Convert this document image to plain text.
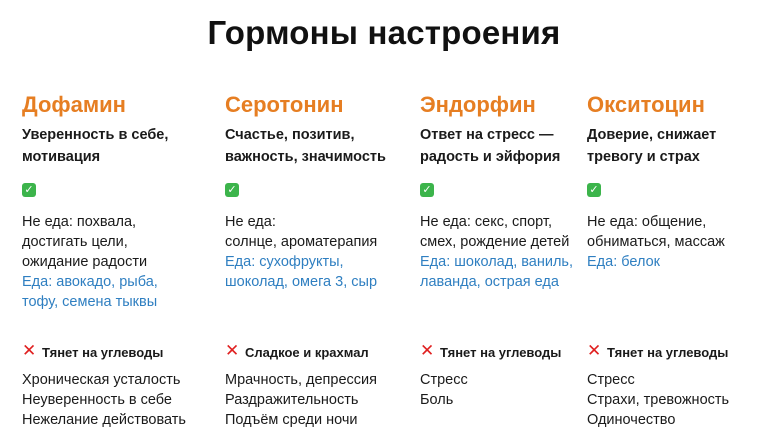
Гормоны настроения
Дофамин
Уверенность в себе,
мотивация
✓
Не еда: похвала,
достигать цели,
ожидание радости
Еда: авокадо, рыба,
тофу, семена тыквы
✕ Тянет на углеводы
Хроническая усталость
Неуверенность в себе
Нежелание действовать
Серотонин
Счастье, позитив,
важность, значимость
✓
Не еда:
солнце, ароматерапия
Еда: сухофрукты,
шоколад, омега 3, сыр
✕ Сладкое и крахмал
Мрачность, депрессия
Раздражительность
Подъём среди ночи
Эндорфин
Ответ на стресс —
радость и эйфория
✓
Не еда: секс, спорт,
смех, рождение детей
Еда: шоколад, ваниль,
лаванда, острая еда
✕ Тянет на углеводы
Стресс
Боль
Окситоцин
Доверие, снижает
тревогу и страх
✓
Не еда: общение,
обниматься, массаж
Еда: белок
✕ Тянет на углеводы
Стресс
Страхи, тревожность
Одиночество
